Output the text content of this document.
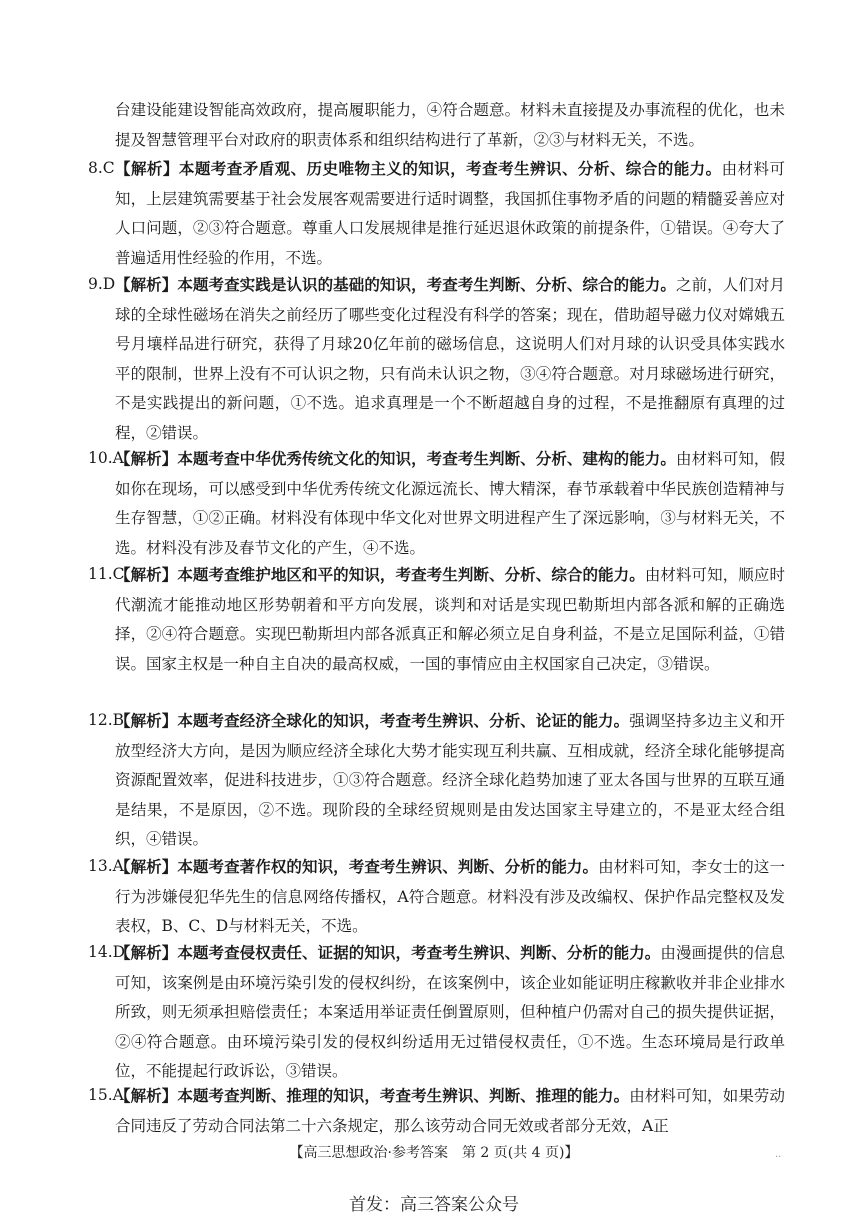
台建设能建设智能高效政府，提高履职能力，④符合题意。材料未直接提及办事流程的优化，也未提及智慧管理平台对政府的职责体系和组织结构进行了革新，②③与材料无关，不选。
8.C 【解析】本题考查矛盾观、历史唯物主义的知识，考查考生辨识、分析、综合的能力。由材料可知，上层建筑需要基于社会发展客观需要进行适时调整，我国抓住事物矛盾的问题的精髓妥善应对人口问题，②③符合题意。尊重人口发展规律是推行延迟退休政策的前提条件，①错误。④夸大了普遍适用性经验的作用，不选。
9.D 【解析】本题考查实践是认识的基础的知识，考查考生判断、分析、综合的能力。之前，人们对月球的全球性磁场在消失之前经历了哪些变化过程没有科学的答案；现在，借助超导磁力仪对嫦娥五号月壤样品进行研究，获得了月球20亿年前的磁场信息，这说明人们对月球的认识受具体实践水平的限制，世界上没有不可认识之物，只有尚未认识之物，③④符合题意。对月球磁场进行研究，不是实践提出的新问题，①不选。追求真理是一个不断超越自身的过程，不是推翻原有真理的过程，②错误。
10.A
【解析】本题考查中华优秀传统文化的知识，考查考生判断、分析、建构的能力。由材料可知，假如你在现场，可以感受到中华优秀传统文化源远流长、博大精深，春节承载着中华民族创造精神与生存智慧，①②正确。材料没有体现中华文化对世界文明进程产生了深远影响，③与材料无关，不选。材料没有涉及春节文化的产生，④不选。
11.C
【解析】本题考查维护地区和平的知识，考查考生判断、分析、综合的能力。由材料可知，顺应时代潮流才能推动地区形势朝着和平方向发展，谈判和对话是实现巴勒斯坦内部各派和解的正确选择，②④符合题意。实现巴勒斯坦内部各派真正和解必须立足自身利益，不是立足国际利益，①错误。国家主权是一种自主自决的最高权威，一国的事情应由主权国家自己决定，③错误。
12.B
【解析】本题考查经济全球化的知识，考查考生辨识、分析、论证的能力。强调坚持多边主义和开放型经济大方向，是因为顺应经济全球化大势才能实现互利共赢、互相成就，经济全球化能够提高资源配置效率，促进科技进步，①③符合题意。经济全球化趋势加速了亚太各国与世界的互联互通是结果，不是原因，②不选。现阶段的全球经贸规则是由发达国家主导建立的，不是亚太经合组织，④错误。
13.A
【解析】本题考查著作权的知识，考查考生辨识、判断、分析的能力。由材料可知，李女士的这一行为涉嫌侵犯华先生的信息网络传播权，A符合题意。材料没有涉及改编权、保护作品完整权及发表权，B、C、D与材料无关，不选。
14.D
【解析】本题考查侵权责任、证据的知识，考查考生辨识、判断、分析的能力。由漫画提供的信息可知，该案例是由环境污染引发的侵权纠纷，在该案例中，该企业如能证明庄稼歉收并非企业排水所致，则无须承担赔偿责任；本案适用举证责任倒置原则，但种植户仍需对自己的损失提供证据，②④符合题意。由环境污染引发的侵权纠纷适用无过错侵权责任，①不选。生态环境局是行政单位，不能提起行政诉讼，③错误。
15.A
【解析】本题考查判断、推理的知识，考查考生辨识、判断、推理的能力。由材料可知，如果劳动合同违反了劳动合同法第二十六条规定，那么该劳动合同无效或者部分无效，A正
【高三思想政治·参考答案　第 2 页(共 4 页)】	··
首发：高三答案公众号
